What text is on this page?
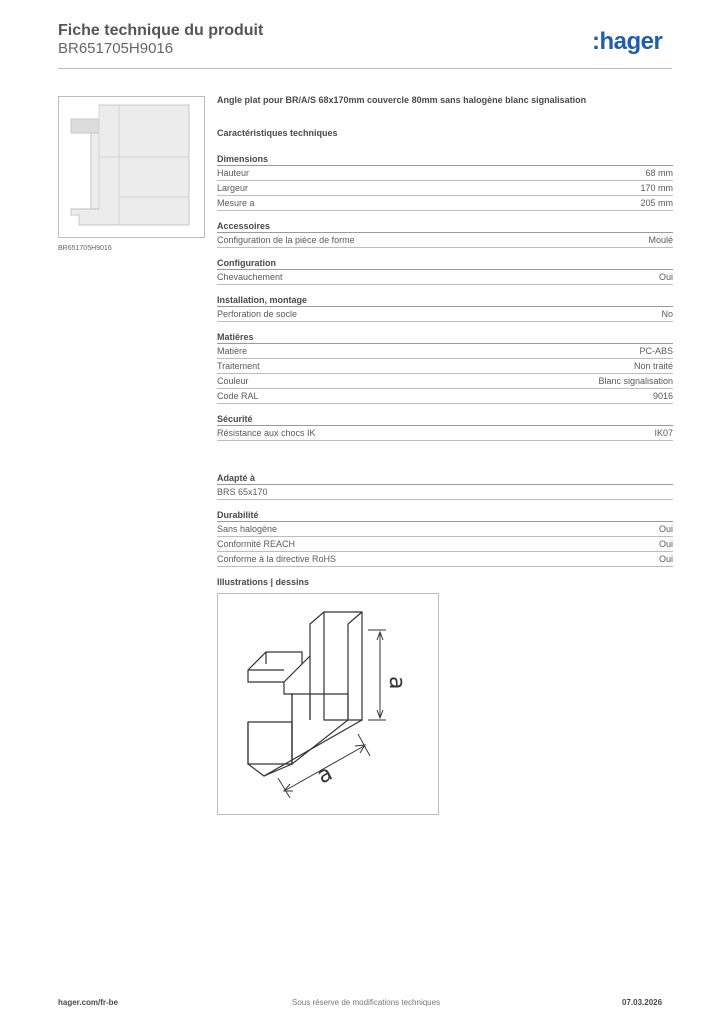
Fiche technique du produit
BR651705H9016	:hager
BR651705H9016
Angle plat pour BR/A/S 68x170mm couvercle 80mm sans halogène blanc signalisation
Caractéristiques techniques
Dimensions
Hauteur	68 mm
Largeur	170 mm
Mesure a	205 mm
Accessoires
Configuration de la pièce de forme	Moulé
Configuration
Chevauchement	Oui
Installation, montage
Perforation de socle	No
Matières
Matière	PC-ABS
Traitement	Non traité
Couleur	Blanc signalisation
Code RAL	9016
Sécurité
Résistance aux chocs IK	IK07
Adapté à
BRS 65x170
Durabilité
Sans halogène	Oui
Conformité REACH	Oui
Conforme à la directive RoHS	Oui
Illustrations | dessins
a
a
hager.com/fr-be	Sous réserve de modifications techniques	07.03.2026
